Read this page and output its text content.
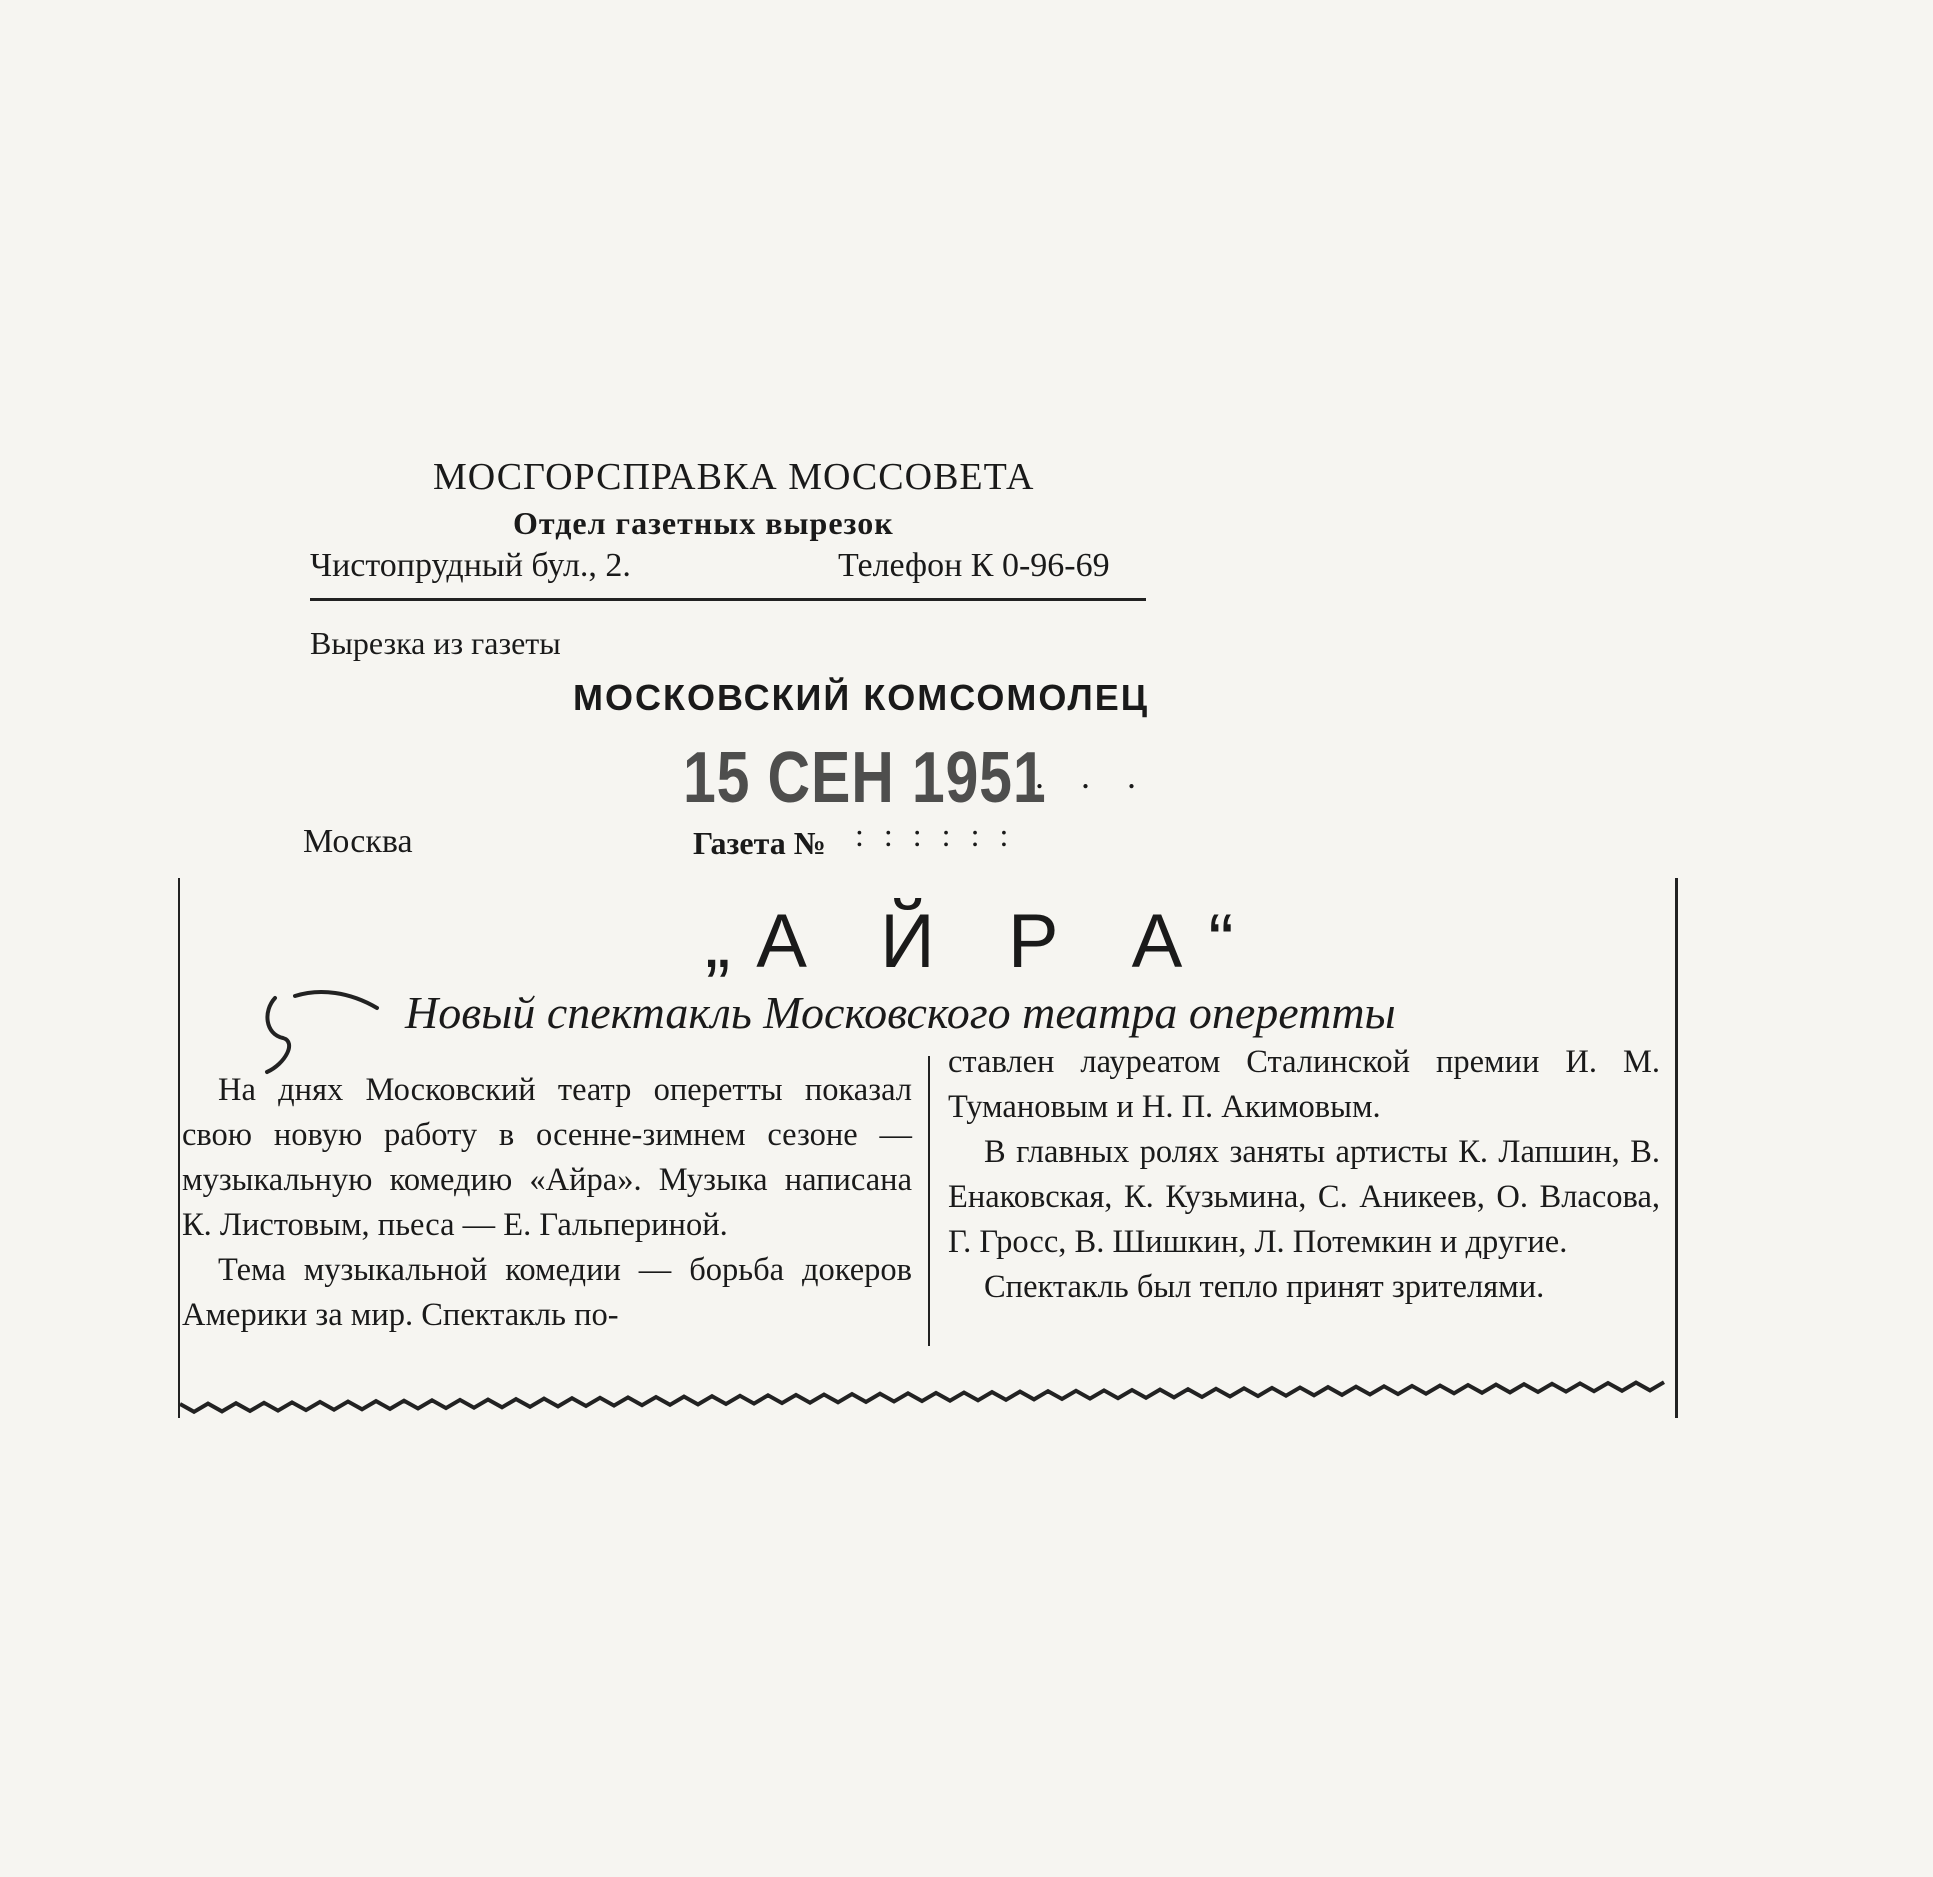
МОСГОРСПРАВКА МОССОВЕТА
Отдел газетных вырезок
Чистопрудный бул., 2.	Телефон К 0-96-69
Вырезка из газеты
МОСКОВСКИЙ КОМСОМОЛЕЦ
15 СЕН 1951
. . .
Москва	Газета № ::::::
„А Й Р А“
Новый спектакль Московского театра оперетты

На днях Московский театр оперетты показал свою новую работу в осенне-зимнем сезоне — музыкальную комедию «Айра». Музыка написана К. Листовым, пьеса — Е. Гальпериной.

Тема музыкальной комедии — борьба докеров Америки за мир. Спектакль по-

ставлен лауреатом Сталинской премии И. М. Тумановым и Н. П. Акимовым.

В главных ролях заняты артисты К. Лапшин, В. Енаковская, К. Кузьмина, С. Аникеев, О. Власова, Г. Гросс, В. Шишкин, Л. Потемкин и другие.

Спектакль был тепло принят зрителями.
